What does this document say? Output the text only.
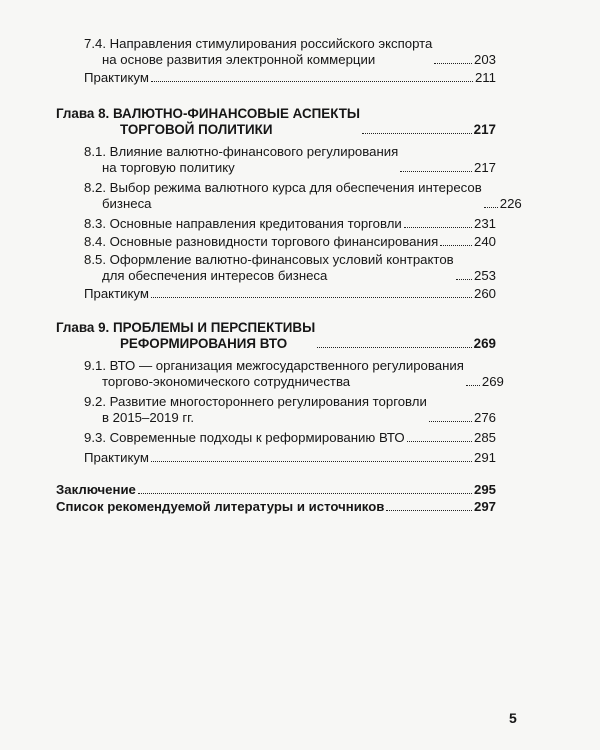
7.4. Направления стимулирования российского экспорта
на основе развития электронной коммерции	203
Практикум	211
Глава 8. ВАЛЮТНО-ФИНАНСОВЫЕ АСПЕКТЫ
ТОРГОВОЙ ПОЛИТИКИ	217
8.1. Влияние валютно-финансового регулирования
на торговую политику	217
8.2. Выбор режима валютного курса для обеспечения интересов
бизнеса	226
8.3. Основные направления кредитования торговли	231
8.4. Основные разновидности торгового финансирования	240
8.5. Оформление валютно-финансовых условий контрактов
для обеспечения интересов бизнеса	253
Практикум	260
Глава 9. ПРОБЛЕМЫ И ПЕРСПЕКТИВЫ
РЕФОРМИРОВАНИЯ ВТО	269
9.1. ВТО — организация межгосударственного регулирования
торгово-экономического сотрудничества	269
9.2. Развитие многостороннего регулирования торговли
в 2015–2019 гг.	276
9.3. Современные подходы к реформированию ВТО	285
Практикум	291
Заключение	295
Список рекомендуемой литературы и источников	297
5
